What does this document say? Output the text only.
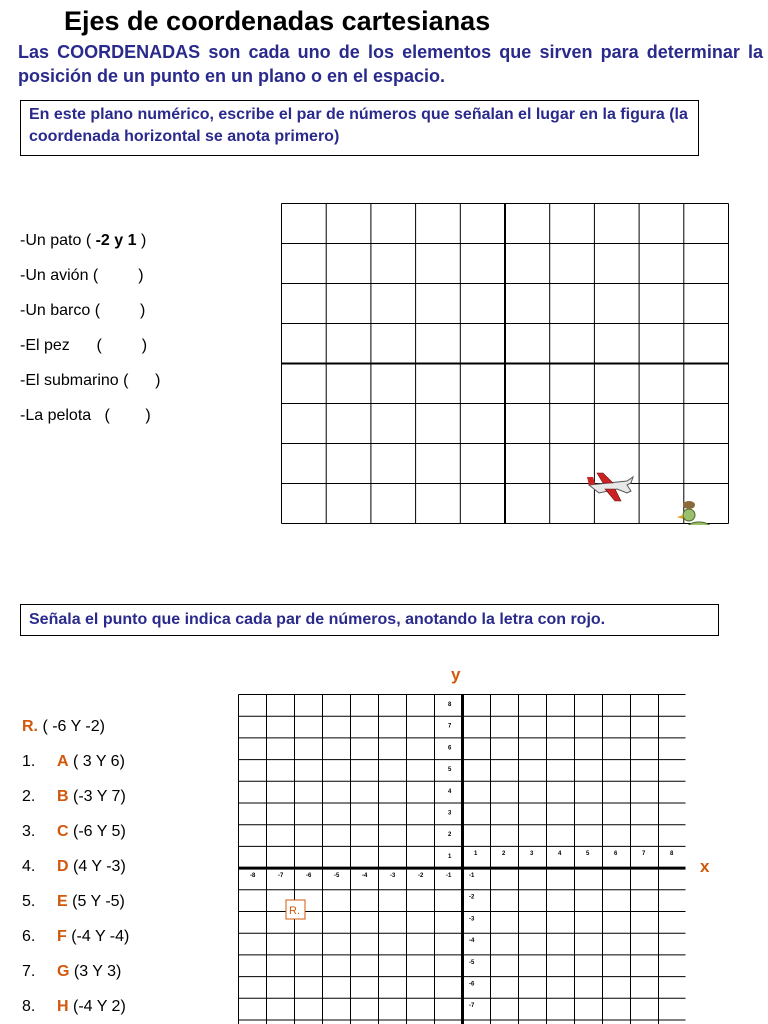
Ejes de coordenadas cartesianas
Las COORDENADAS son cada uno de los elementos que sirven para determinar la posición de un punto en un plano o en el espacio.
En este plano numérico, escribe el par de números que señalan el lugar en la figura (la coordenada horizontal se anota primero)
-Un pato ( -2 y 1 )
-Un avión (         )
-Un barco (         )
-El pez      (         )
-El submarino (      )
-La pelota   (        )
Señala el punto que indica cada par de números, anotando la letra con rojo.
y
x
R. ( -6 Y -2)
1. A ( 3 Y 6)
2. B (-3 Y 7)
3. C (-6 Y 5)
4. D (4 Y -3)
5. E (5 Y -5)
6. F (-4 Y -4)
7. G (3 Y 3)
8. H (-4 Y 2)
8
7
6
5
4
3
2
1	1	2	3	4	5	6	7	8
-8	-7	-6	-5	-4	-3	-2	-1	-1
-2
-3
-4
-5
-6
-7
R.
